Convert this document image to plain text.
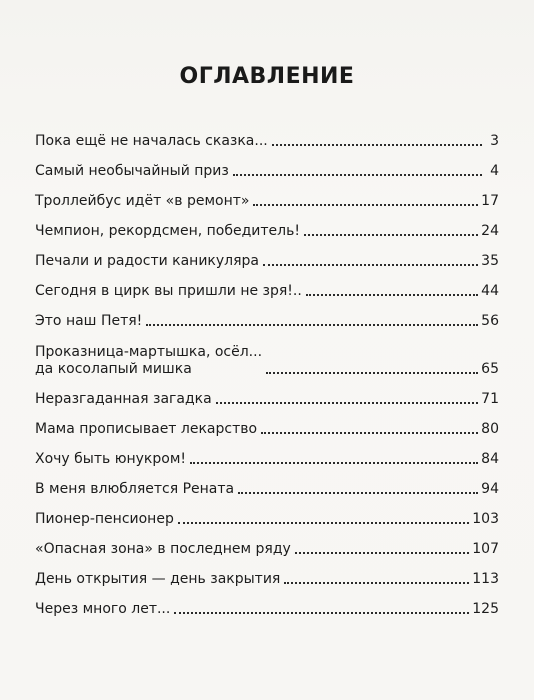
ОГЛАВЛЕНИЕ
Пока ещё не началась сказка...	3
Самый необычайный приз	4
Троллейбус идёт «в ремонт»	17
Чемпион, рекордсмен, победитель!	24
Печали и радости каникуляра	35
Сегодня в цирк вы пришли не зря!..	44
Это наш Петя!	56
Проказница-мартышка, осёл...
да косолапый мишка	65
Неразгаданная загадка	71
Мама прописывает лекарство	80
Хочу быть юнукром!	84
В меня влюбляется Рената	94
Пионер-пенсионер	103
«Опасная зона» в последнем ряду	107
День открытия — день закрытия	113
Через много лет...	125
